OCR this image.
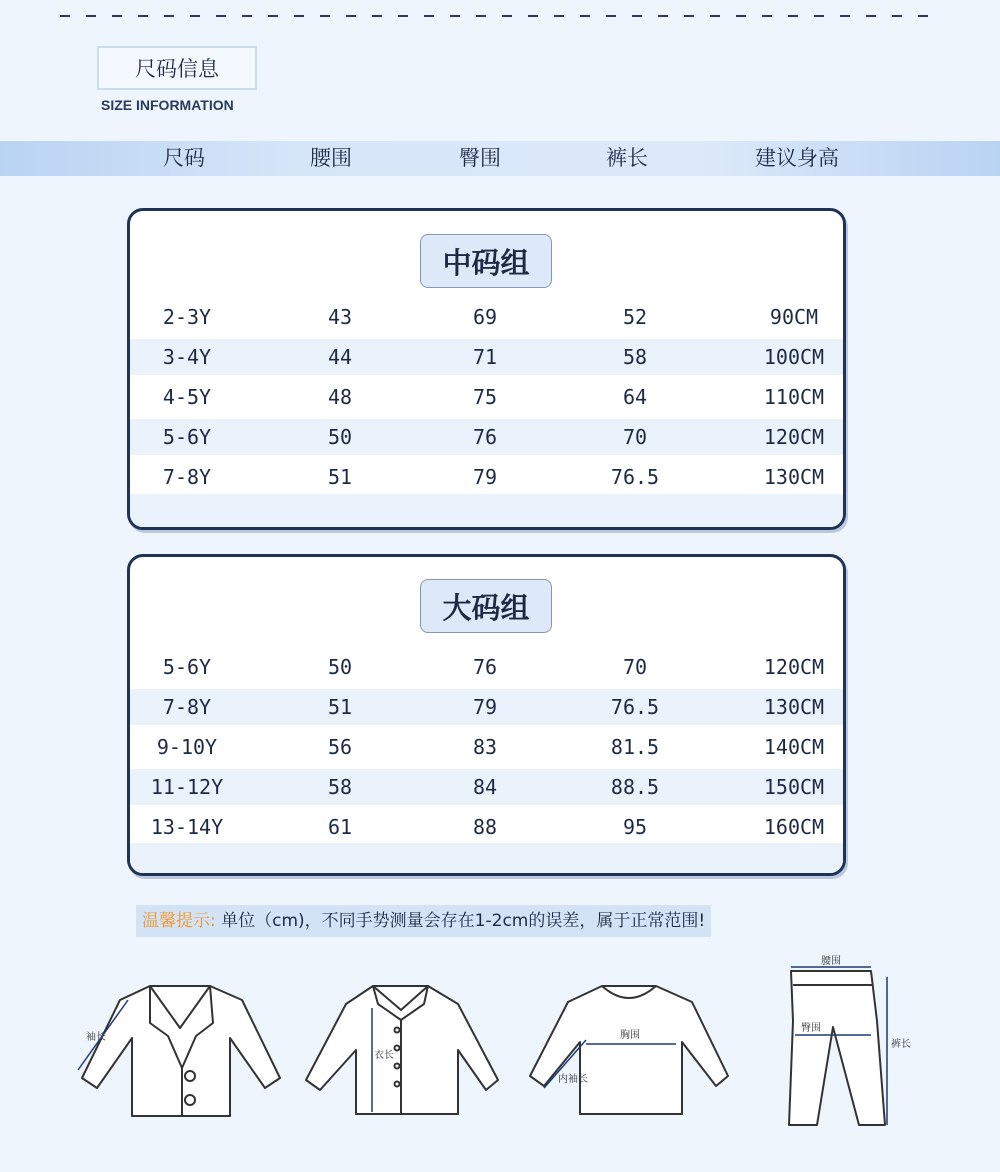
尺码信息
SIZE INFORMATION
尺码	腰围	臀围	裤长	建议身高
中码组
2-3Y	43	69	52	90CM
3-4Y	44	71	58	100CM
4-5Y	48	75	64	110CM
5-6Y	50	76	70	120CM
7-8Y	51	79	76.5	130CM
大码组
5-6Y	50	76	70	120CM
7-8Y	51	79	76.5	130CM
9-10Y	56	83	81.5	140CM
11-12Y	58	84	88.5	150CM
13-14Y	61	88	95	160CM
温馨提示: 单位（cm)，不同手势测量会存在1-2cm的误差，属于正常范围!
袖长
衣长
胸围
内袖长
腰围
臀围
裤长
